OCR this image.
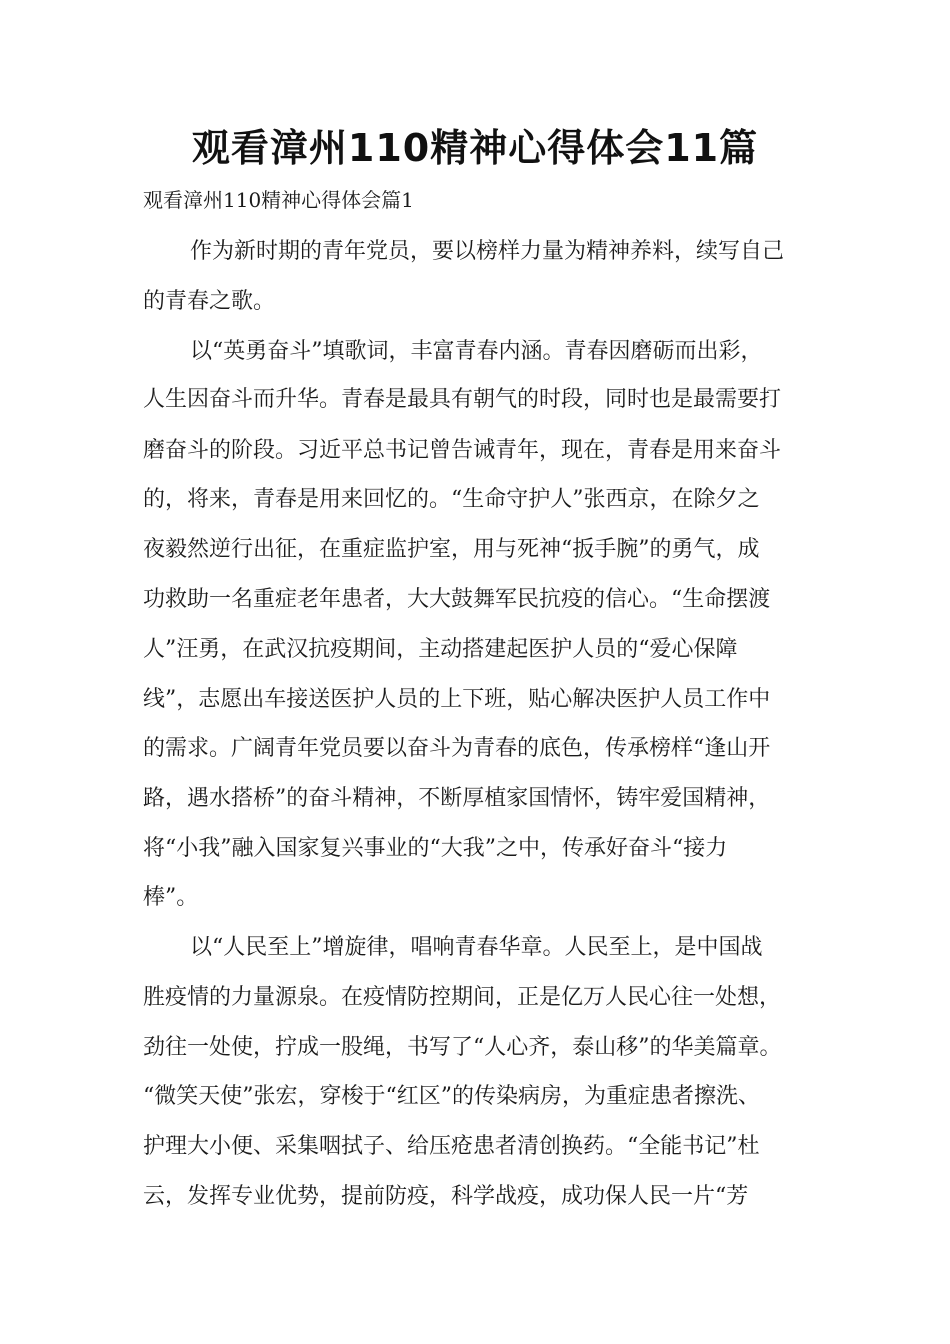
观看漳州110精神心得体会11篇

观看漳州110精神心得体会篇1

作为新时期的青年党员，要以榜样力量为精神养料，续写自己

的青春之歌。

以“英勇奋斗”填歌词，丰富青春内涵。青春因磨砺而出彩，

人生因奋斗而升华。青春是最具有朝气的时段，同时也是最需要打

磨奋斗的阶段。习近平总书记曾告诫青年，现在，青春是用来奋斗

的，将来，青春是用来回忆的。“生命守护人”张西京，在除夕之

夜毅然逆行出征，在重症监护室，用与死神“扳手腕”的勇气，成

功救助一名重症老年患者，大大鼓舞军民抗疫的信心。“生命摆渡

人”汪勇，在武汉抗疫期间，主动搭建起医护人员的“爱心保障

线”，志愿出车接送医护人员的上下班，贴心解决医护人员工作中

的需求。广阔青年党员要以奋斗为青春的底色，传承榜样“逢山开

路，遇水搭桥”的奋斗精神，不断厚植家国情怀，铸牢爱国精神，

将“小我”融入国家复兴事业的“大我”之中，传承好奋斗“接力

棒”。

以“人民至上”增旋律，唱响青春华章。人民至上，是中国战

胜疫情的力量源泉。在疫情防控期间，正是亿万人民心往一处想，

劲往一处使，拧成一股绳，书写了“人心齐，泰山移”的华美篇章。

“微笑天使”张宏，穿梭于“红区”的传染病房，为重症患者擦洗、

护理大小便、采集咽拭子、给压疮患者清创换药。“全能书记”杜

云，发挥专业优势，提前防疫，科学战疫，成功保人民一片“芳
